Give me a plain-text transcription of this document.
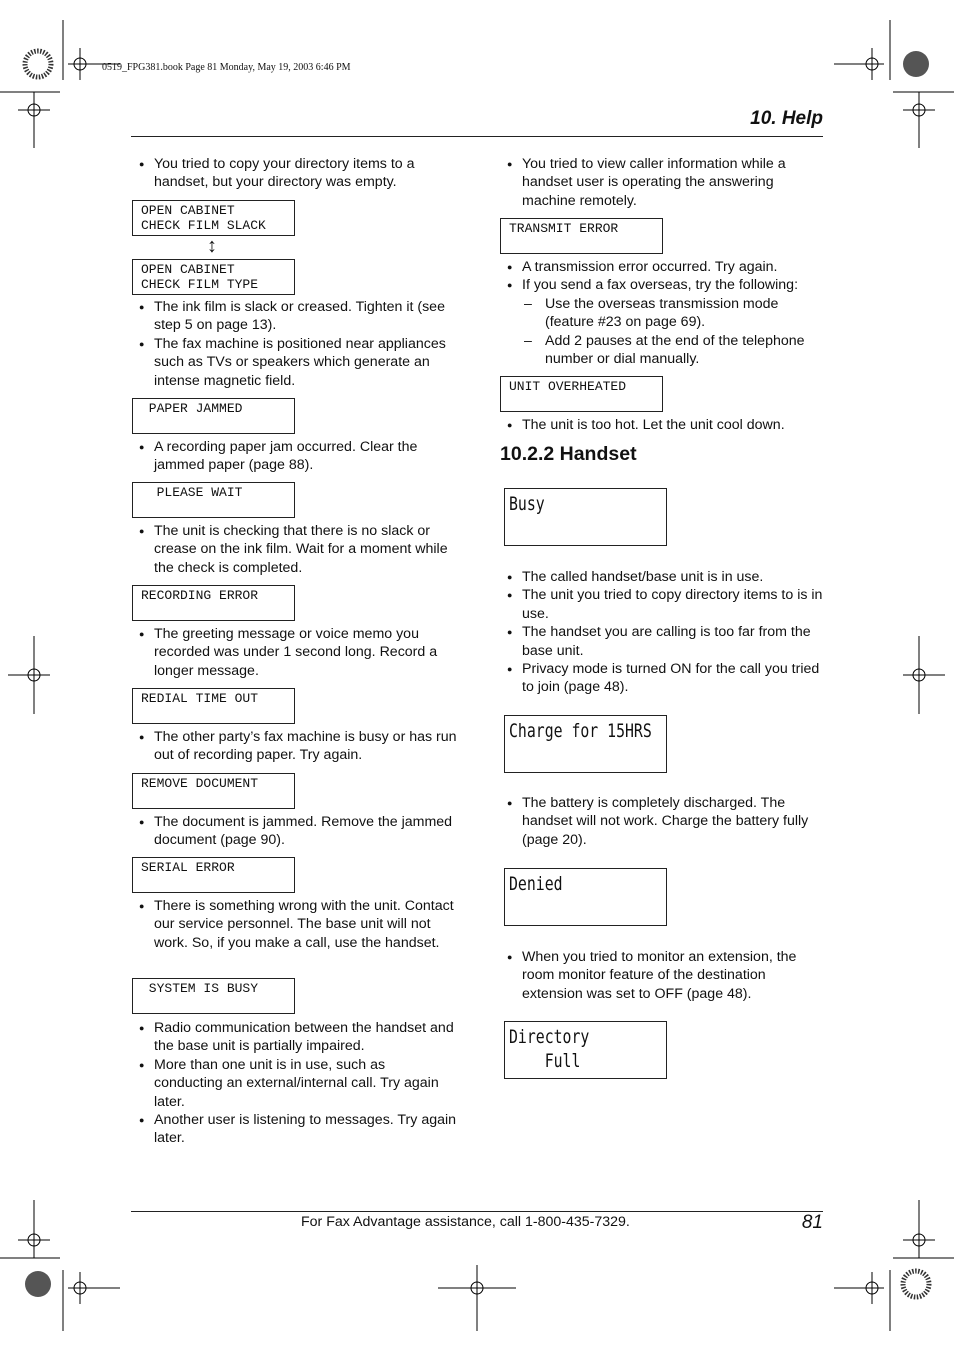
0519_FPG381.book Page 81 Monday, May 19, 2003 6:46 PM
10. Help
● You tried to copy your directory items to a handset, but your directory was empty.
OPEN CABINET
CHECK FILM SLACK
↕
OPEN CABINET
CHECK FILM TYPE
● The ink film is slack or creased. Tighten it (see step 5 on page 13).
● The fax machine is positioned near appliances such as TVs or speakers which generate an intense magnetic field.
PAPER JAMMED
● A recording paper jam occurred. Clear the jammed paper (page 88).
PLEASE WAIT
● The unit is checking that there is no slack or crease on the ink film. Wait for a moment while the check is completed.
RECORDING ERROR
● The greeting message or voice memo you recorded was under 1 second long. Record a longer message.
REDIAL TIME OUT
● The other party’s fax machine is busy or has run out of recording paper. Try again.
REMOVE DOCUMENT
● The document is jammed. Remove the jammed document (page 90).
SERIAL ERROR
● There is something wrong with the unit. Contact our service personnel. The base unit will not work. So, if you make a call, use the handset.
SYSTEM IS BUSY
● Radio communication between the handset and the base unit is partially impaired.
● More than one unit is in use, such as conducting an external/internal call. Try again later.
● Another user is listening to messages. Try again later.
● You tried to view caller information while a handset user is operating the answering machine remotely.
TRANSMIT ERROR
● A transmission error occurred. Try again.
● If you send a fax overseas, try the following:
– Use the overseas transmission mode (feature #23 on page 69).
– Add 2 pauses at the end of the telephone number or dial manually.
UNIT OVERHEATED
● The unit is too hot. Let the unit cool down.
10.2.2 Handset
Busy
● The called handset/base unit is in use.
● The unit you tried to copy directory items to is in use.
● The handset you are calling is too far from the base unit.
● Privacy mode is turned ON for the call you tried to join (page 48).
Charge for 15HRS
● The battery is completely discharged. The handset will not work. Charge the battery fully (page 20).
Denied
● When you tried to monitor an extension, the room monitor feature of the destination extension was set to OFF (page 48).
Directory
Full
For Fax Advantage assistance, call 1-800-435-7329.	81
